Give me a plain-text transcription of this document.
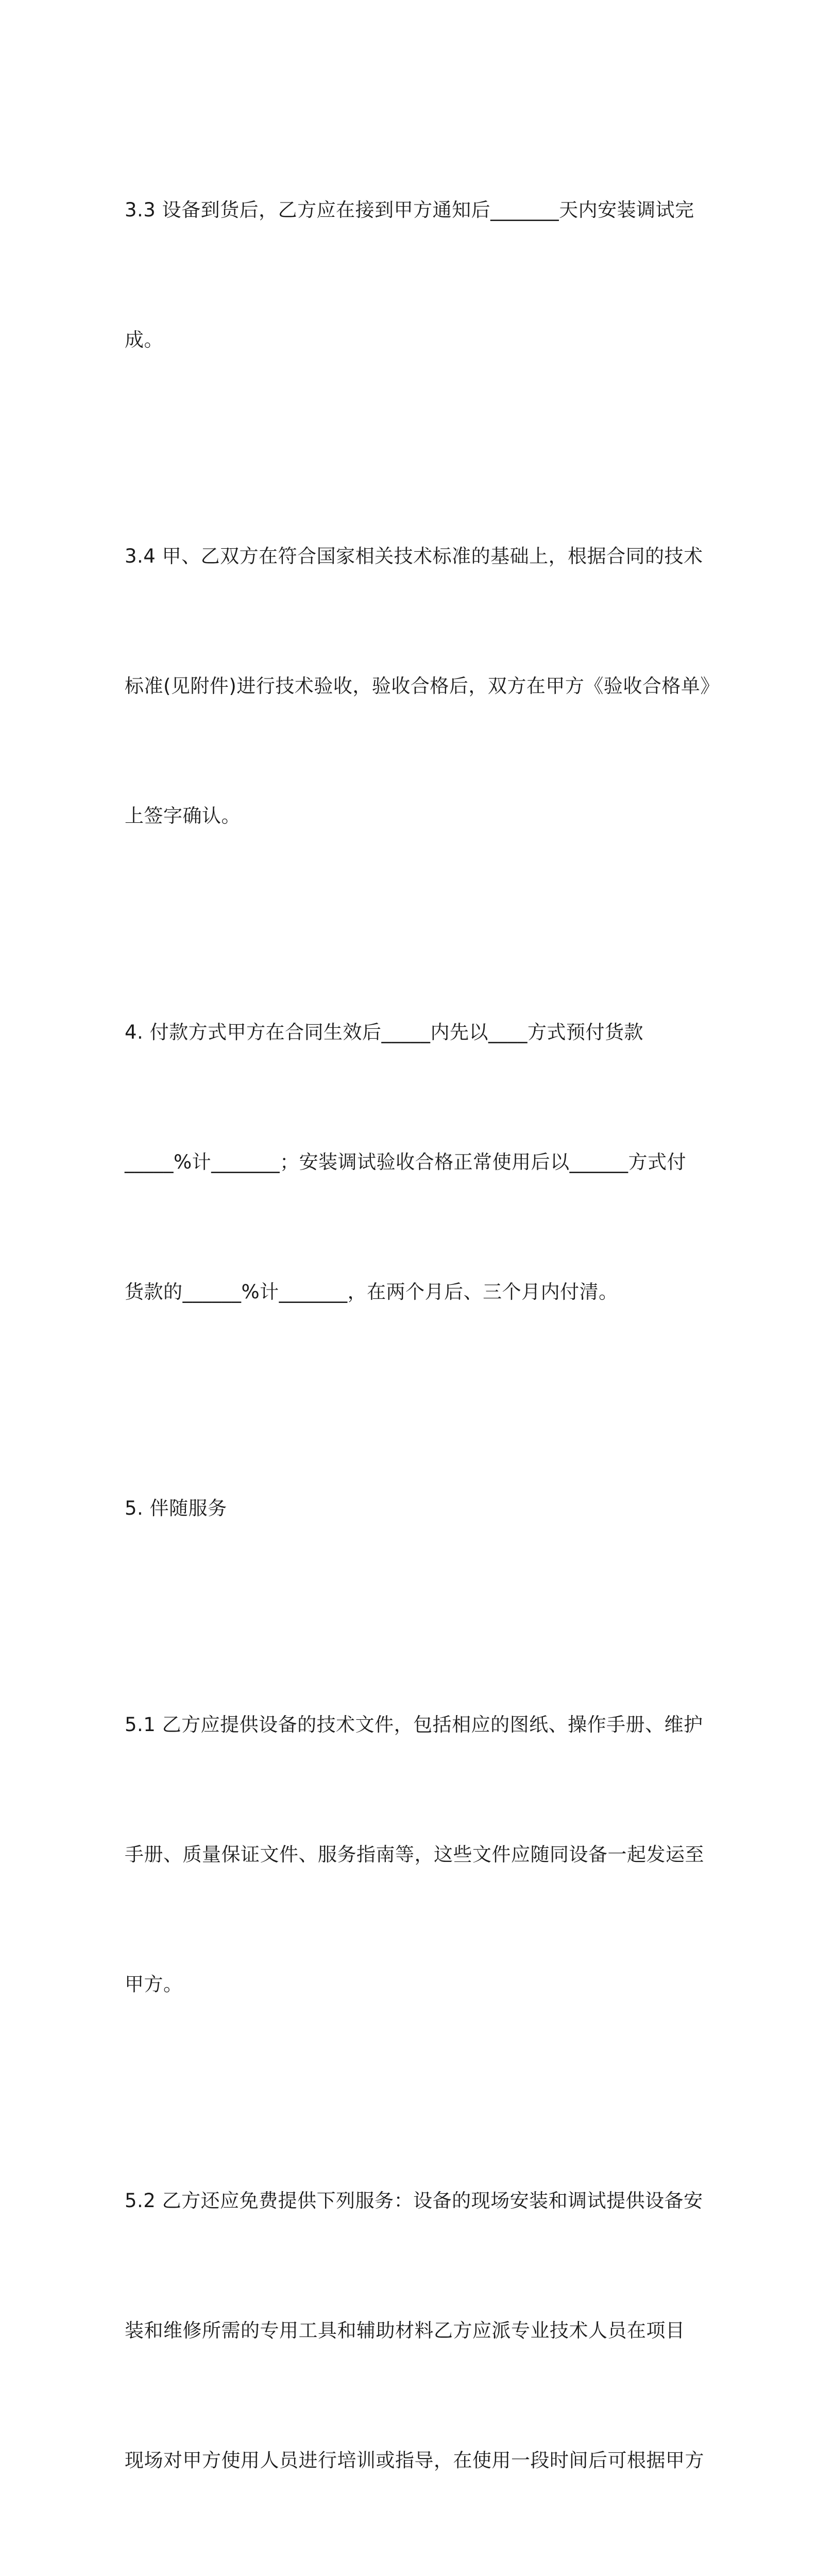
3.3 设备到货后，乙方应在接到甲方通知后_______天内安装调试完

成。

3.4 甲、乙双方在符合国家相关技术标准的基础上，根据合同的技术

标准(见附件)进行技术验收，验收合格后，双方在甲方《验收合格单》

上签字确认。

4. 付款方式甲方在合同生效后_____内先以____方式预付货款

_____%计_______；安装调试验收合格正常使用后以______方式付

货款的______%计_______，在两个月后、三个月内付清。

5. 伴随服务

5.1 乙方应提供设备的技术文件，包括相应的图纸、操作手册、维护

手册、质量保证文件、服务指南等，这些文件应随同设备一起发运至

甲方。

5.2 乙方还应免费提供下列服务：设备的现场安装和调试提供设备安

装和维修所需的专用工具和辅助材料乙方应派专业技术人员在项目

现场对甲方使用人员进行培训或指导，在使用一段时间后可根据甲方
